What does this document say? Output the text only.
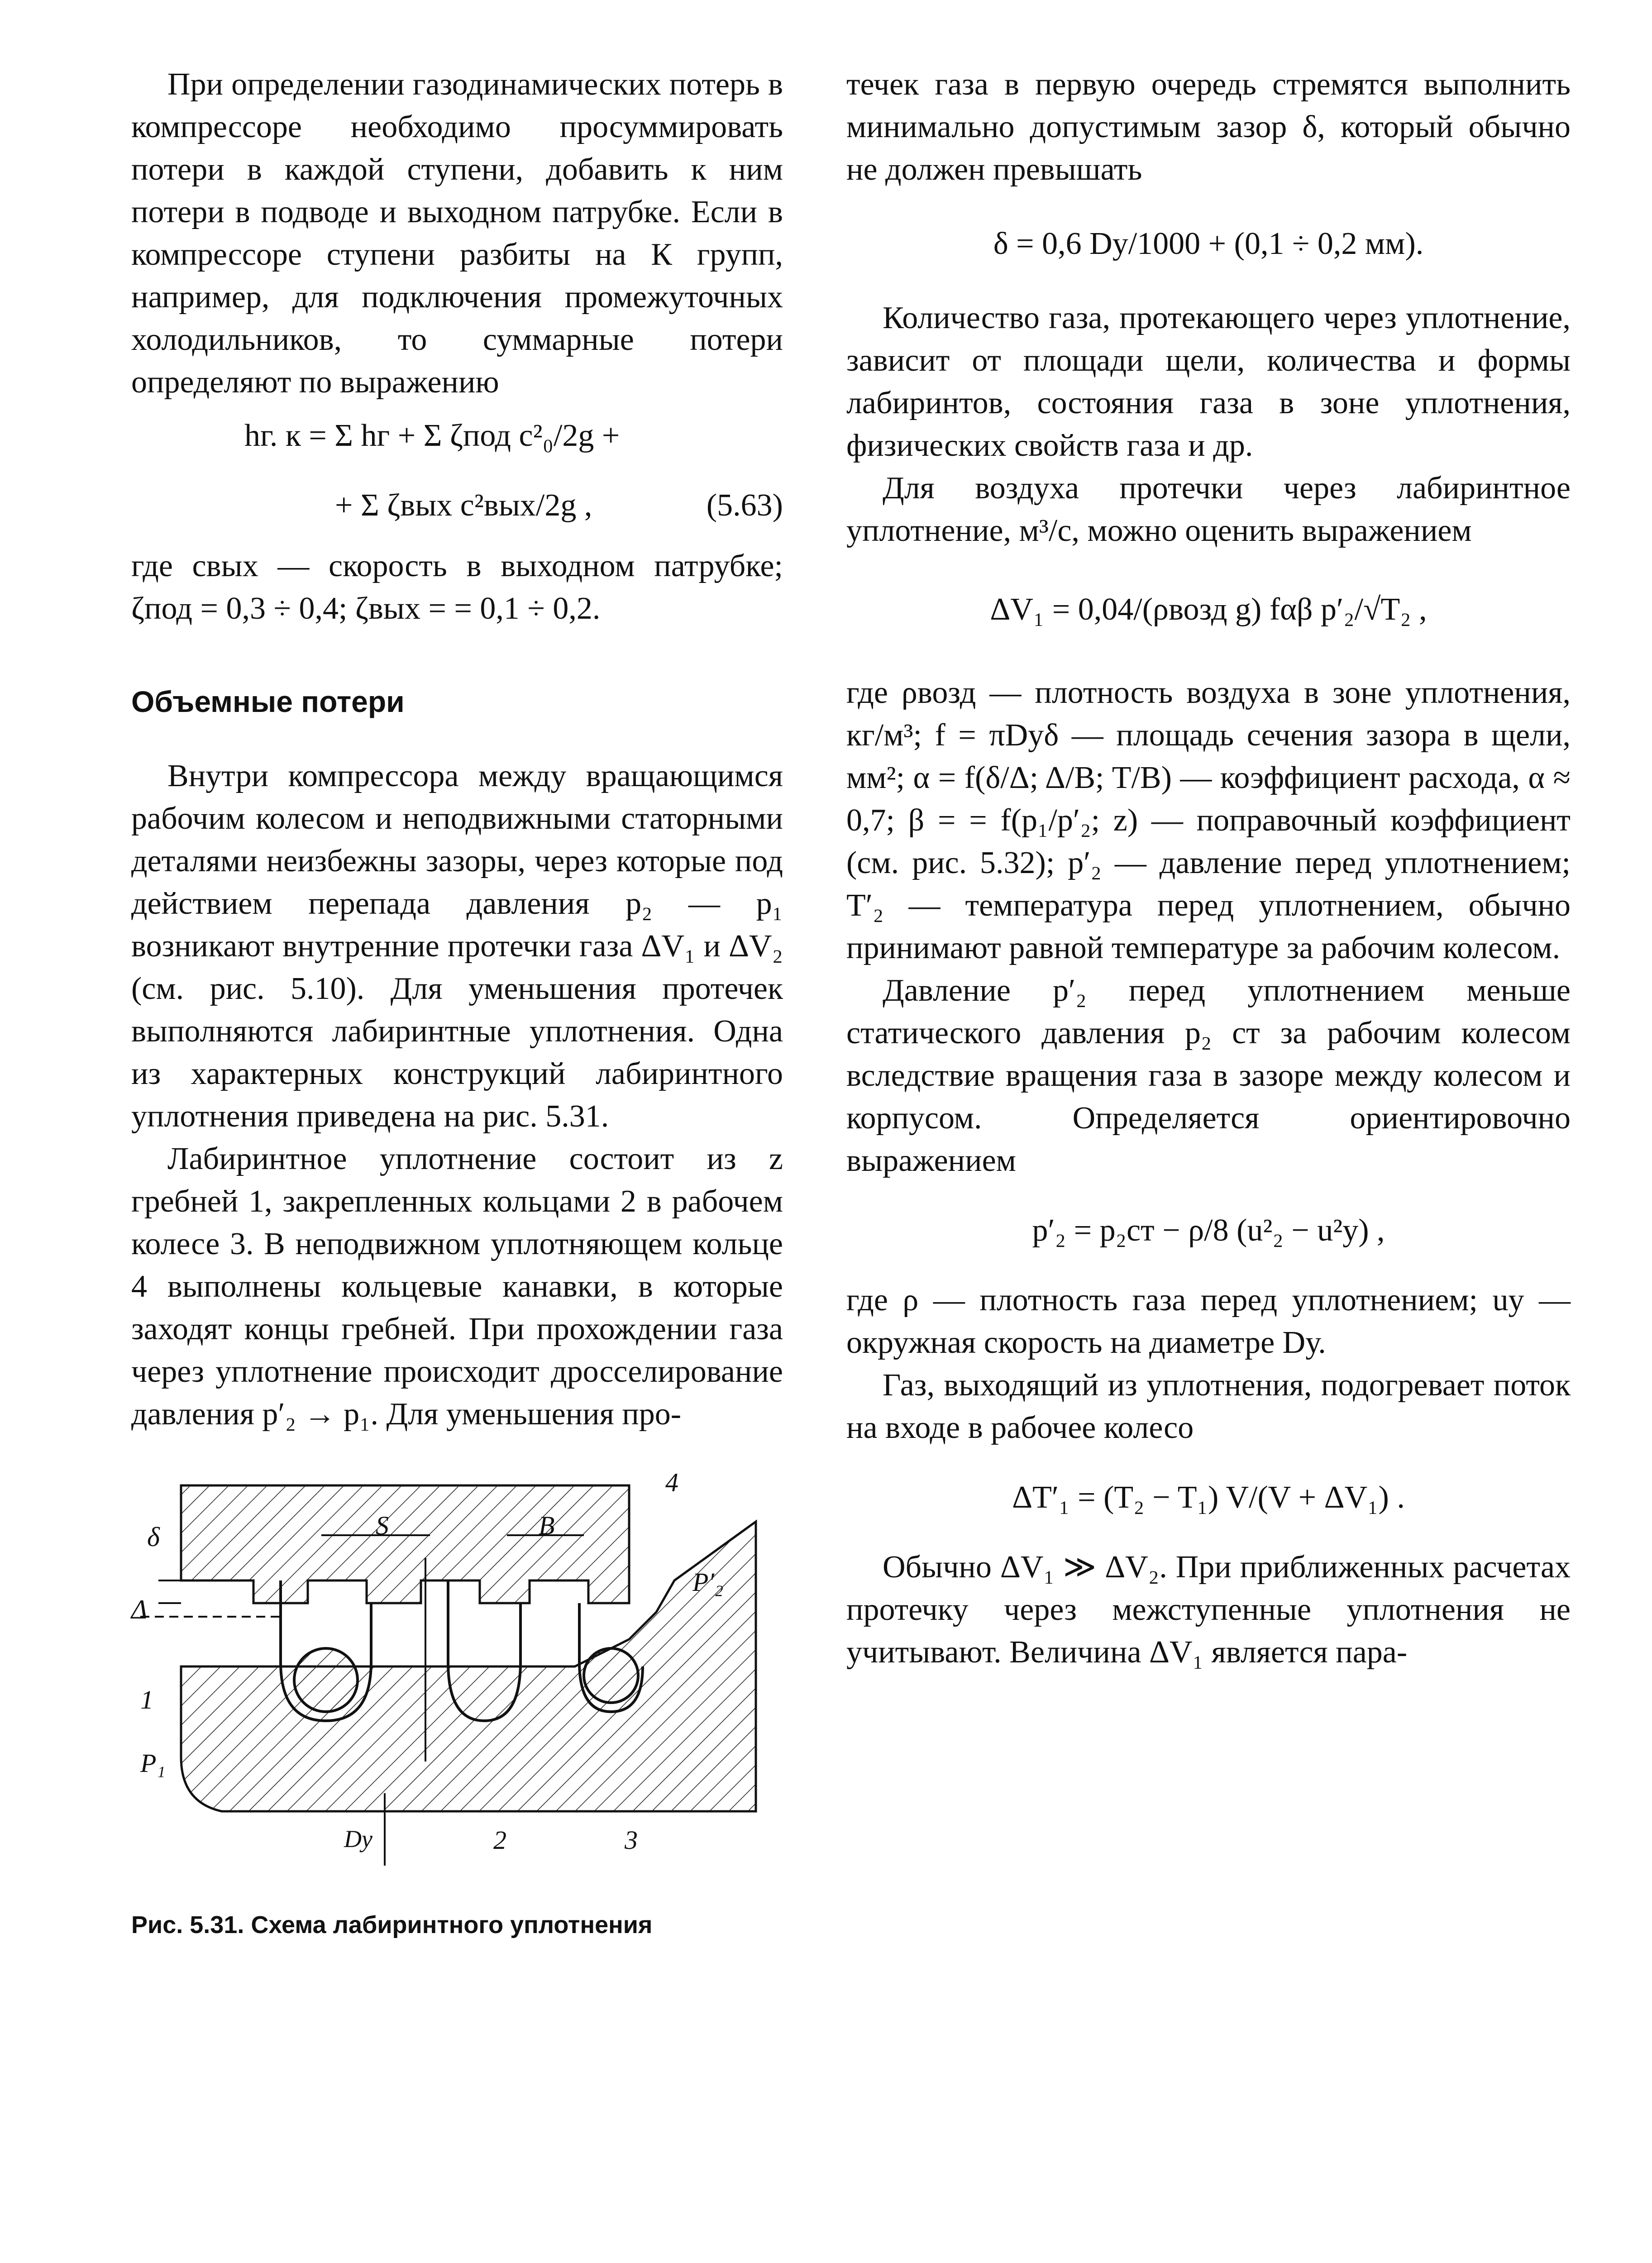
При определении газодинамических потерь в компрессоре необходимо просуммировать потери в каждой ступени, добавить к ним потери в подводе и выходном патрубке. Если в компрессоре ступени разбиты на К групп, например, для подключения промежуточных холодильников, то суммарные потери определяют по выражению

hг. к = Σ hг + Σ ζпод c²₀/2g +
+ Σ ζвых c²вых/2g ,	(5.63)

где cвых — скорость в выходном патрубке; ζпод = 0,3 ÷ 0,4; ζвых = = 0,1 ÷ 0,2.

Объемные потери

Внутри компрессора между вращающимся рабочим колесом и неподвижными статорными деталями неизбежны зазоры, через которые под действием перепада давления p₂ — p₁ возникают внутренние протечки газа ΔV₁ и ΔV₂ (см. рис. 5.10). Для уменьшения протечек выполняются лабиринтные уплотнения. Одна из характерных конструкций лабиринтного уплотнения приведена на рис. 5.31.

Лабиринтное уплотнение состоит из z гребней 1, закрепленных кольцами 2 в рабочем колесе 3. В неподвижном уплотняющем кольце 4 выполнены кольцевые канавки, в которые заходят концы гребней. При прохождении газа через уплотнение происходит дросселирование давления p′₂ → p₁. Для уменьшения про-

δ
Δ
S	B
4
P′₂
1
P₁
Dу	2	3
Рис. 5.31. Схема лабиринтного уплотнения

течек газа в первую очередь стремятся выполнить минимально допустимым зазор δ, который обычно не должен превышать

δ = 0,6 Dу/1000 + (0,1 ÷ 0,2 мм).

Количество газа, протекающего через уплотнение, зависит от площади щели, количества и формы лабиринтов, состояния газа в зоне уплотнения, физических свойств газа и др.

Для воздуха протечки через лабиринтное уплотнение, м³/с, можно оценить выражением

ΔV₁ = 0,04/(ρвозд g) fαβ p′₂/√T₂ ,

где ρвозд — плотность воздуха в зоне уплотнения, кг/м³; f = πDуδ — площадь сечения зазора в щели, мм²; α = f(δ/Δ; Δ/B; T/B) — коэффициент расхода, α ≈ 0,7; β = = f(p₁/p′₂; z) — поправочный коэффициент (см. рис. 5.32); p′₂ — давление перед уплотнением; T′₂ — температура перед уплотнением, обычно принимают равной температуре за рабочим колесом.

Давление p′₂ перед уплотнением меньше статического давления p₂ ст за рабочим колесом вследствие вращения газа в зазоре между колесом и корпусом. Определяется ориентировочно выражением

p′₂ = p₂ст − ρ/8 (u²₂ − u²у) ,

где ρ — плотность газа перед уплотнением; uу — окружная скорость на диаметре Dу.

Газ, выходящий из уплотнения, подогревает поток на входе в рабочее колесо

ΔT′₁ = (T₂ − T₁) V/(V + ΔV₁) .

Обычно ΔV₁ ≫ ΔV₂. При приближенных расчетах протечку через межступенные уплотнения не учитывают. Величина ΔV₁ является пара-
